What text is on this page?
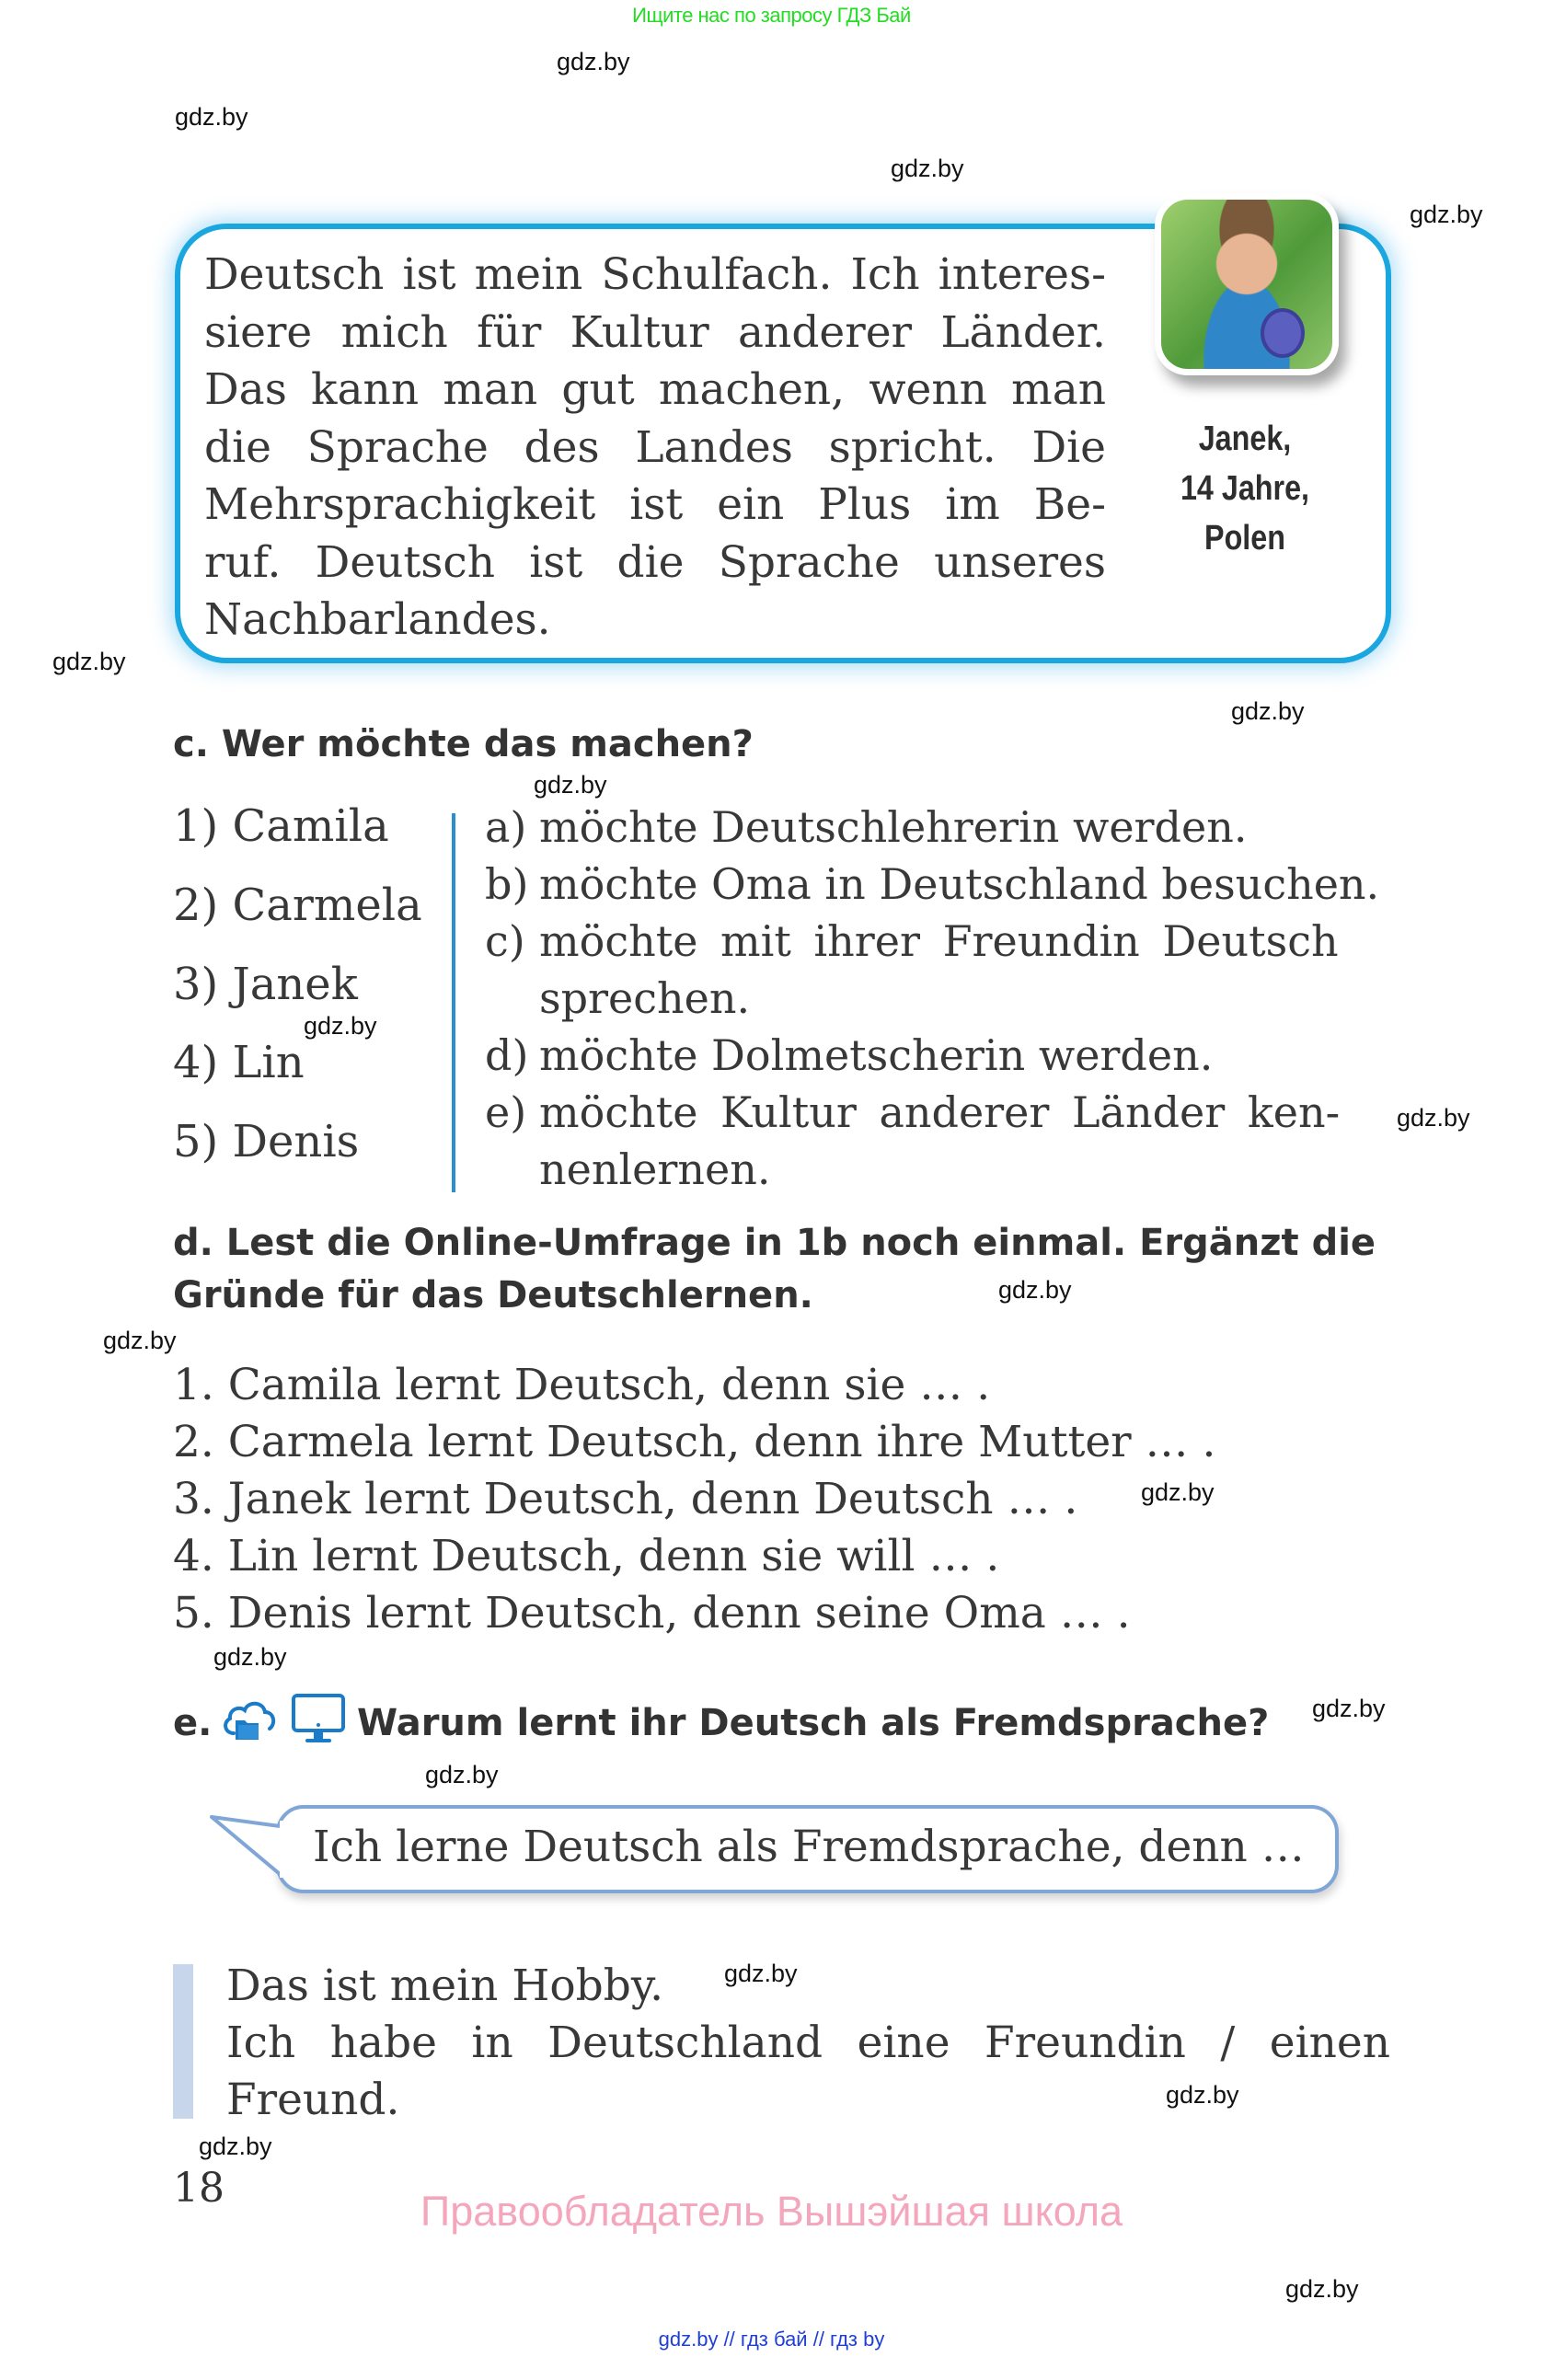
Ищите нас по запросу ГДЗ Бай
gdz.by
gdz.by
gdz.by
gdz.by
gdz.by
gdz.by
gdz.by
gdz.by
gdz.by
gdz.by
gdz.by
gdz.by
gdz.by
gdz.by
gdz.by
gdz.by
gdz.by
gdz.by
gdz.by
Deutsch ist mein Schulfach. Ich interes-
siere mich für Kultur anderer Länder.
Das kann man gut machen, wenn man
die Sprache des Landes spricht. Die
Mehrsprachigkeit ist ein Plus im Be-
ruf. Deutsch ist die Sprache unseres
Nachbarlandes.
Janek,
14 Jahre,
Polen
c. Wer möchte das machen?
1) Camila
2) Carmela
3) Janek
4) Lin
5) Denis
a) möchte Deutschlehrerin werden.
b) möchte Oma in Deutschland besuchen.
c) möchte mit ihrer Freundin Deutsch
sprechen.
d) möchte Dolmetscherin werden.
e) möchte Kultur anderer Länder ken-
nenlernen.
d. Lest die Online-Umfrage in 1b noch einmal. Ergänzt die
Gründe für das Deutschlernen.
1. Camila lernt Deutsch, denn sie … .
2. Carmela lernt Deutsch, denn ihre Mutter … .
3. Janek lernt Deutsch, denn Deutsch … .
4. Lin lernt Deutsch, denn sie will … .
5. Denis lernt Deutsch, denn seine Oma … .
e.	Warum lernt ihr Deutsch als Fremdsprache?
Ich lerne Deutsch als Fremdsprache, denn …
Das ist mein Hobby.
Ich habe in Deutschland eine Freundin / einen
Freund.
18	Правообладатель Вышэйшая школа
gdz.by // гдз бай // гдз by
